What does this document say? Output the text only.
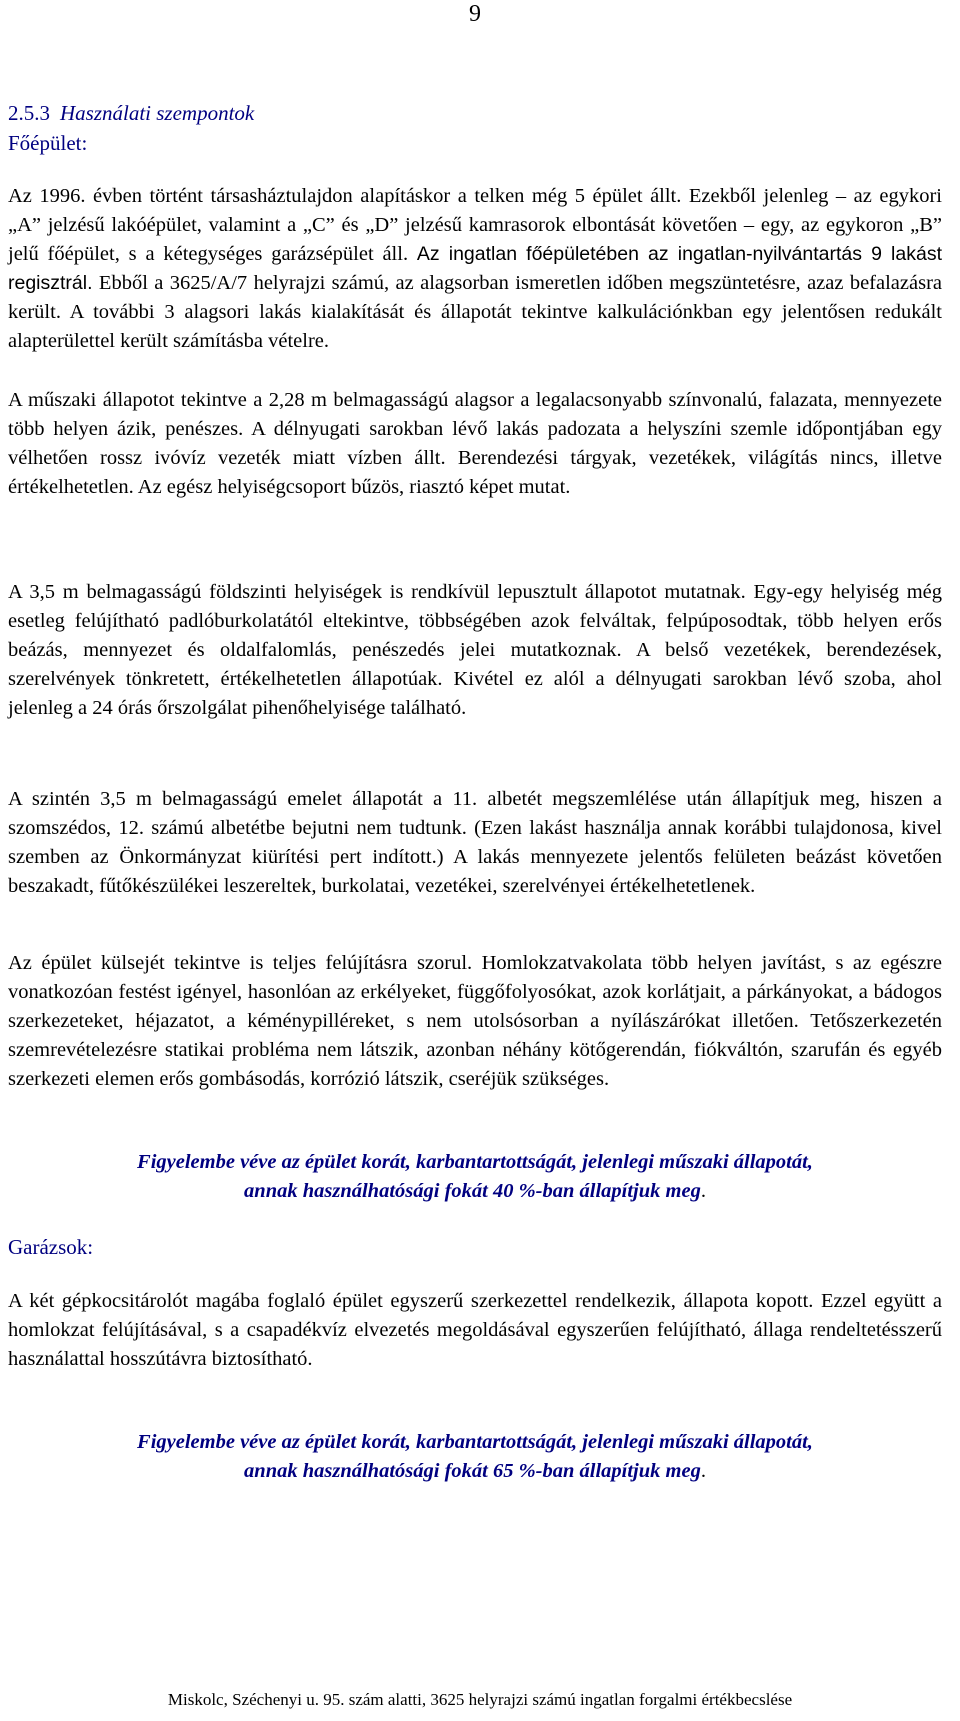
9
2.5.3 Használati szempontok
Főépület:
Az 1996. évben történt társasháztulajdon alapításkor a telken még 5 épület állt. Ezekből jelenleg – az egykori „A” jelzésű lakóépület, valamint a „C” és „D” jelzésű kamrasorok elbontását követően – egy, az egykoron „B” jelű főépület, s a kétegységes garázsépület áll. Az ingatlan főépületében az ingatlan-nyilvántartás 9 lakást regisztrál. Ebből a 3625/A/7 helyrajzi számú, az alagsorban ismeretlen időben megszüntetésre, azaz befalazásra került. A további 3 alagsori lakás kialakítását és állapotát tekintve kalkulációnkban egy jelentősen redukált alapterülettel került számításba vételre.
A műszaki állapotot tekintve a 2,28 m belmagasságú alagsor a legalacsonyabb színvonalú, falazata, mennyezete több helyen ázik, penészes. A délnyugati sarokban lévő lakás padozata a helyszíni szemle időpontjában egy vélhetően rossz ivóvíz vezeték miatt vízben állt. Berendezési tárgyak, vezetékek, világítás nincs, illetve értékelhetetlen. Az egész helyiségcsoport bűzös, riasztó képet mutat.
A 3,5 m belmagasságú földszinti helyiségek is rendkívül lepusztult állapotot mutatnak. Egy-egy helyiség még esetleg felújítható padlóburkolatától eltekintve, többségében azok felváltak, felpúposodtak, több helyen erős beázás, mennyezet és oldalfalomlás, penészedés jelei mutatkoznak. A belső vezetékek, berendezések, szerelvények tönkretett, értékelhetetlen állapotúak. Kivétel ez alól a délnyugati sarokban lévő szoba, ahol jelenleg a 24 órás őrszolgálat pihenőhelyisége található.
A szintén 3,5 m belmagasságú emelet állapotát a 11. albetét megszemlélése után állapítjuk meg, hiszen a szomszédos, 12. számú albetétbe bejutni nem tudtunk. (Ezen lakást használja annak korábbi tulajdonosa, kivel szemben az Önkormányzat kiürítési pert indított.) A lakás mennyezete jelentős felületen beázást követően beszakadt, fűtőkészülékei leszereltek, burkolatai, vezetékei, szerelvényei értékelhetetlenek.
Az épület külsejét tekintve is teljes felújításra szorul. Homlokzatvakolata több helyen javítást, s az egészre vonatkozóan festést igényel, hasonlóan az erkélyeket, függőfolyosókat, azok korlátjait, a párkányokat, a bádogos szerkezeteket, héjazatot, a kéménypilléreket, s nem utolsósorban a nyílászárókat illetően. Tetőszerkezetén szemrevételezésre statikai probléma nem látszik, azonban néhány kötőgerendán, fiókváltón, szarufán és egyéb szerkezeti elemen erős gombásodás, korrózió látszik, cseréjük szükséges.
Figyelembe véve az épület korát, karbantartottságát, jelenlegi műszaki állapotát,
annak használhatósági fokát 40 %-ban állapítjuk meg.
Garázsok:
A két gépkocsitárolót magába foglaló épület egyszerű szerkezettel rendelkezik, állapota kopott. Ezzel együtt a homlokzat felújításával, s a csapadékvíz elvezetés megoldásával egyszerűen felújítható, állaga rendeltetésszerű használattal hosszútávra biztosítható.
Figyelembe véve az épület korát, karbantartottságát, jelenlegi műszaki állapotát,
annak használhatósági fokát 65 %-ban állapítjuk meg.
Miskolc, Széchenyi u. 95. szám alatti, 3625 helyrajzi számú ingatlan forgalmi értékbecslése
